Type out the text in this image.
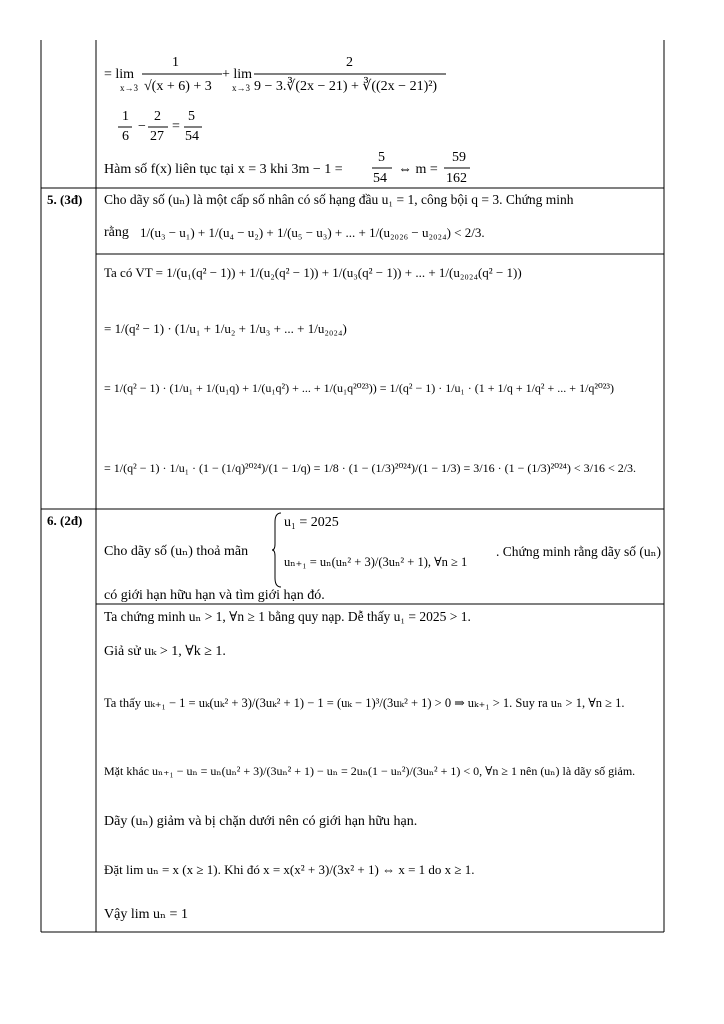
= lim
x→3
1
√(x + 6) + 3
+ lim
x→3
2
9 − 3.∛(2x − 21) + ∛((2x − 21)²)
1
6
−
2
27
=
5
54
Hàm số f(x) liên tục tại x = 3 khi 3m − 1 =
5
54
⇔ m =
59
162
5. (3đ) Cho dãy số (uₙ) là một cấp số nhân có số hạng đầu u₁ = 1, công bội q = 3. Chứng minh
rằng 1/(u₃ − u₁) + 1/(u₄ − u₂) + 1/(u₅ − u₃) + ... + 1/(u₂₀₂₆ − u₂₀₂₄) < 2/3.
Ta có VT = 1/(u₁(q² − 1)) + 1/(u₂(q² − 1)) + 1/(u₃(q² − 1)) + ... + 1/(u₂₀₂₄(q² − 1))
= 1/(q² − 1) · (1/u₁ + 1/u₂ + 1/u₃ + ... + 1/u₂₀₂₄)
= 1/(q² − 1) · (1/u₁ + 1/(u₁q) + 1/(u₁q²) + ... + 1/(u₁q²⁰²³)) = 1/(q² − 1) · 1/u₁ · (1 + 1/q + 1/q² + ... + 1/q²⁰²³)
= 1/(q² − 1) · 1/u₁ · (1 − (1/q)²⁰²⁴)/(1 − 1/q) = 1/8 · (1 − (1/3)²⁰²⁴)/(1 − 1/3) = 3/16 · (1 − (1/3)²⁰²⁴) < 3/16 < 2/3.
6. (2đ)
Cho dãy số (uₙ) thoả mãn
u₁ = 2025
uₙ₊₁ = uₙ(uₙ² + 3)/(3uₙ² + 1), ∀n ≥ 1
. Chứng minh rằng dãy số (uₙ)
có giới hạn hữu hạn và tìm giới hạn đó.
Ta chứng minh uₙ > 1, ∀n ≥ 1 bằng quy nạp. Dễ thấy u₁ = 2025 > 1.
Giả sử uₖ > 1, ∀k ≥ 1.
Ta thấy uₖ₊₁ − 1 = uₖ(uₖ² + 3)/(3uₖ² + 1) − 1 = (uₖ − 1)³/(3uₖ² + 1) > 0 ⇒ uₖ₊₁ > 1. Suy ra uₙ > 1, ∀n ≥ 1.
Mặt khác uₙ₊₁ − uₙ = uₙ(uₙ² + 3)/(3uₙ² + 1) − uₙ = 2uₙ(1 − uₙ²)/(3uₙ² + 1) < 0, ∀n ≥ 1 nên (uₙ) là dãy số giảm.
Dãy (uₙ) giảm và bị chặn dưới nên có giới hạn hữu hạn.
Đặt lim uₙ = x (x ≥ 1). Khi đó x = x(x² + 3)/(3x² + 1) ⇔ x = 1 do x ≥ 1.
Vậy lim uₙ = 1
